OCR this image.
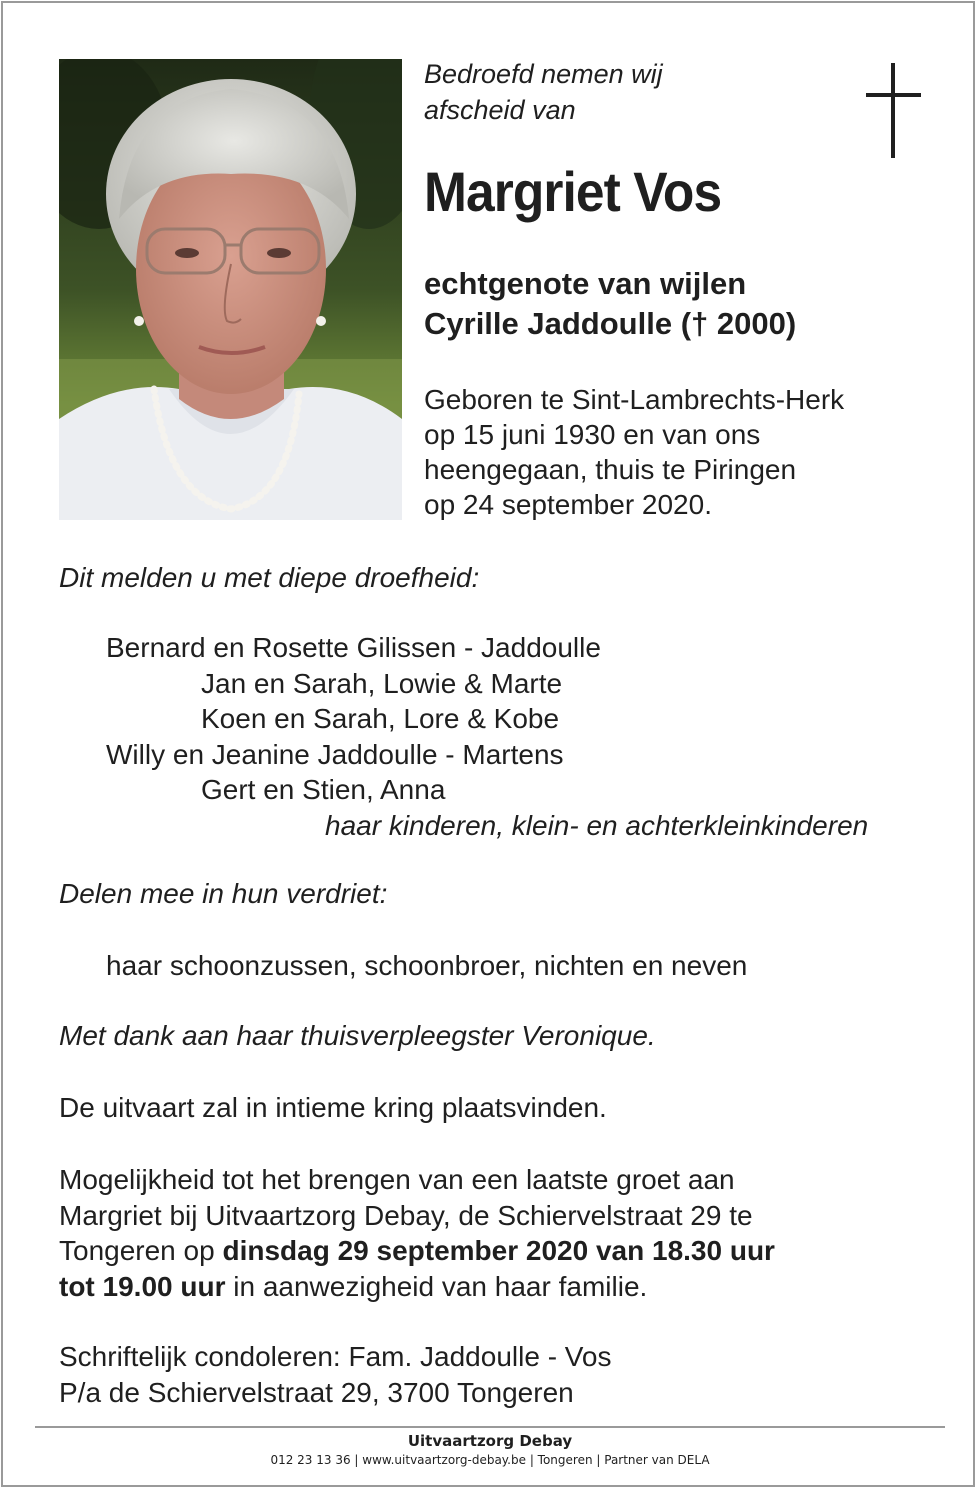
Bedroefd nemen wij
afscheid van

Margriet Vos

echtgenote van wijlen
Cyrille Jaddoulle († 2000)

Geboren te Sint-Lambrechts-Herk
op 15 juni 1930 en van ons
heengegaan, thuis te Piringen
op 24 september 2020.

Dit melden u met diepe droefheid:

Bernard en Rosette Gilissen - Jaddoulle
Jan en Sarah, Lowie & Marte
Koen en Sarah, Lore & Kobe
Willy en Jeanine Jaddoulle - Martens
Gert en Stien, Anna
haar kinderen, klein- en achterkleinkinderen

Delen mee in hun verdriet:

haar schoonzussen, schoonbroer, nichten en neven

Met dank aan haar thuisverpleegster Veronique.

De uitvaart zal in intieme kring plaatsvinden.

Mogelijkheid tot het brengen van een laatste groet aan
Margriet bij Uitvaartzorg Debay, de Schiervelstraat 29 te
Tongeren op dinsdag 29 september 2020 van 18.30 uur
tot 19.00 uur in aanwezigheid van haar familie.
Schriftelijk condoleren: Fam. Jaddoulle - Vos
P/a de Schiervelstraat 29, 3700 Tongeren
Uitvaartzorg Debay
012 23 13 36 | www.uitvaartzorg-debay.be | Tongeren | Partner van DELA
